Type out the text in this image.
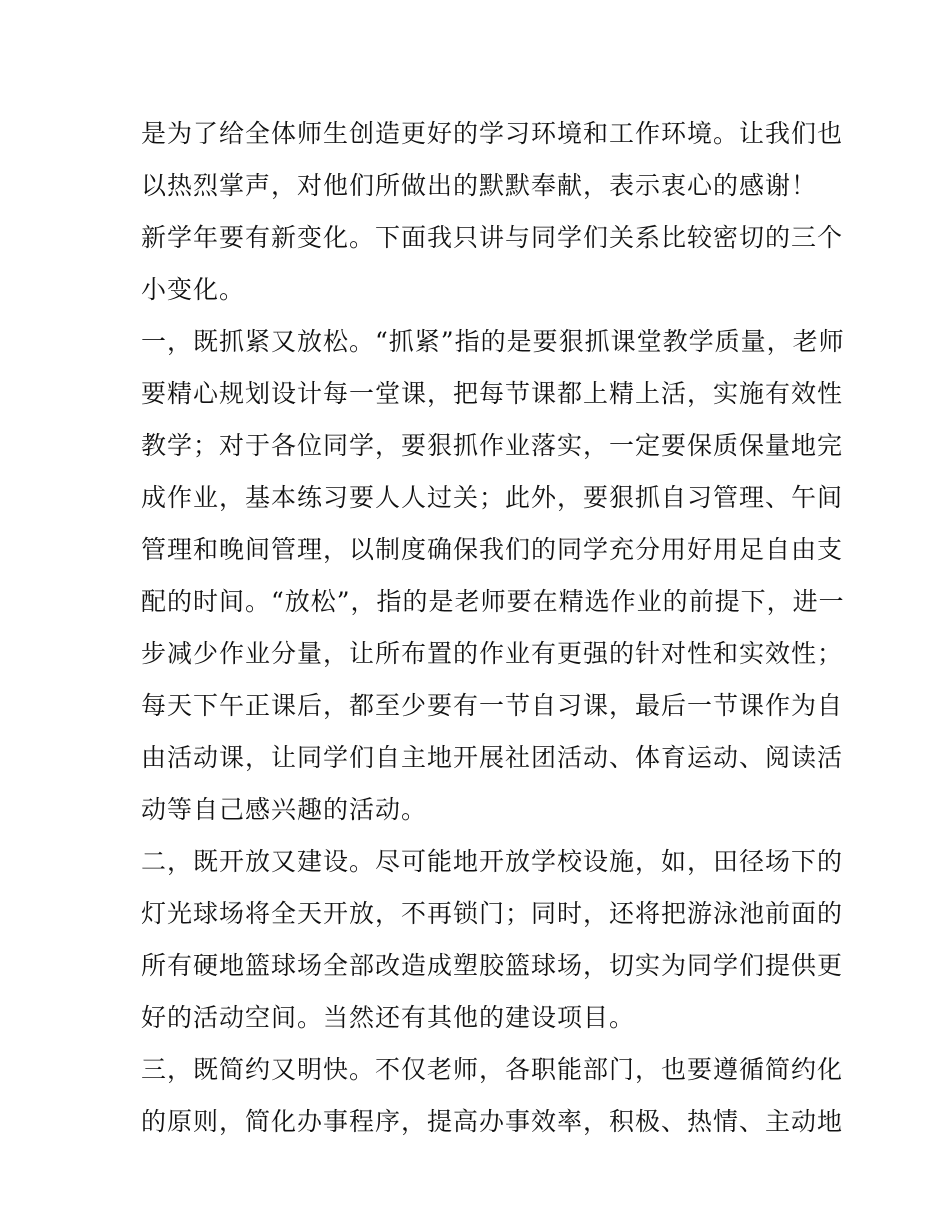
是为了给全体师生创造更好的学习环境和工作环境。让我们也
以热烈掌声，对他们所做出的默默奉献，表示衷心的感谢！
新学年要有新变化。下面我只讲与同学们关系比较密切的三个
小变化。
一，既抓紧又放松。“抓紧”指的是要狠抓课堂教学质量，老师
要精心规划设计每一堂课，把每节课都上精上活，实施有效性
教学；对于各位同学，要狠抓作业落实，一定要保质保量地完
成作业，基本练习要人人过关；此外，要狠抓自习管理、午间
管理和晚间管理，以制度确保我们的同学充分用好用足自由支
配的时间。“放松”，指的是老师要在精选作业的前提下，进一
步减少作业分量，让所布置的作业有更强的针对性和实效性；
每天下午正课后，都至少要有一节自习课，最后一节课作为自
由活动课，让同学们自主地开展社团活动、体育运动、阅读活
动等自己感兴趣的活动。
二，既开放又建设。尽可能地开放学校设施，如，田径场下的
灯光球场将全天开放，不再锁门；同时，还将把游泳池前面的
所有硬地篮球场全部改造成塑胶篮球场，切实为同学们提供更
好的活动空间。当然还有其他的建设项目。
三，既简约又明快。不仅老师，各职能部门，也要遵循简约化
的原则，简化办事程序，提高办事效率，积极、热情、主动地
